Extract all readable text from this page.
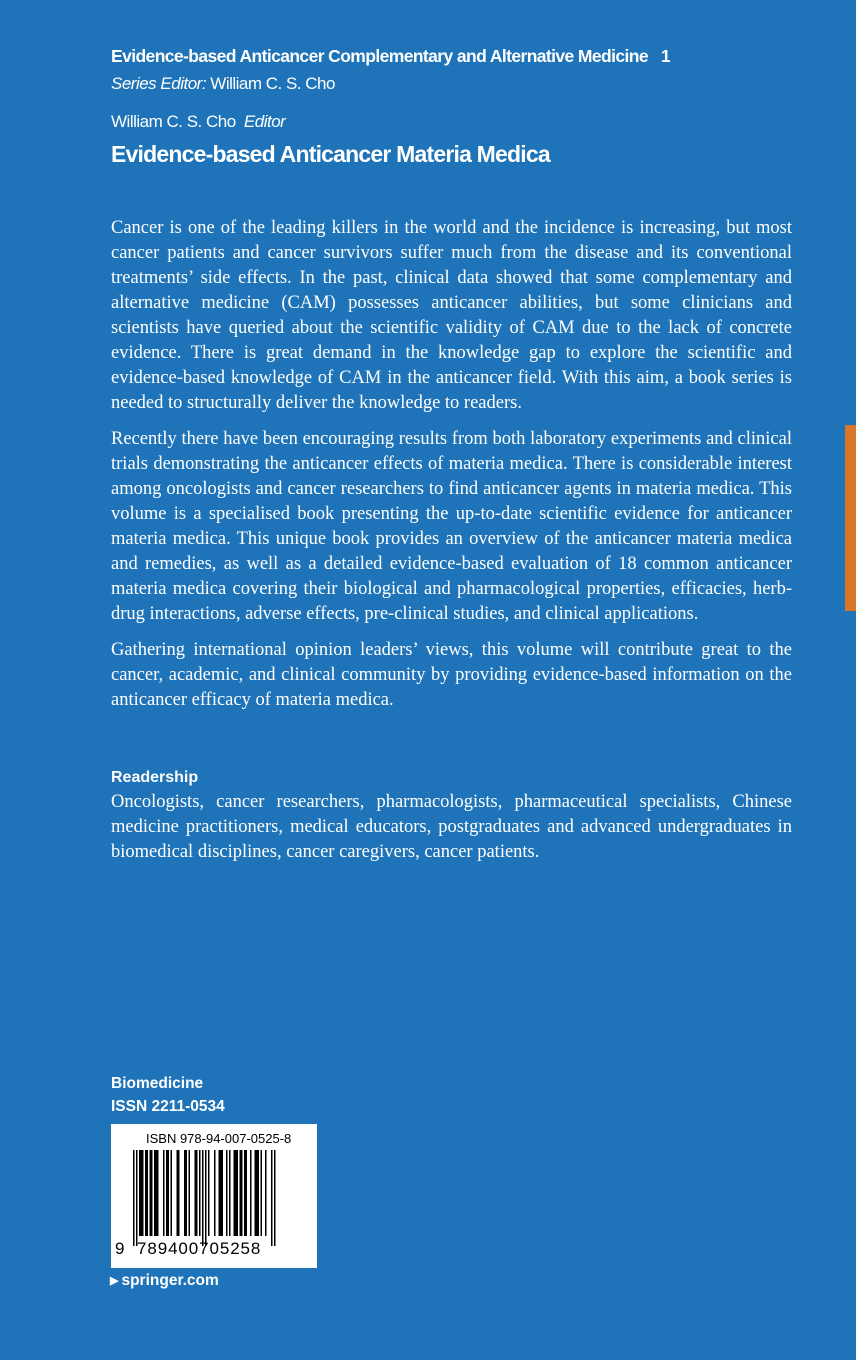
Evidence-based Anticancer Complementary and Alternative Medicine 1
Series Editor: William C. S. Cho
William C. S. Cho Editor
Evidence-based Anticancer Materia Medica

Cancer is one of the leading killers in the world and the incidence is increasing, but most cancer patients and cancer survivors suffer much from the disease and its conventional treatments’ side effects. In the past, clinical data showed that some complementary and alternative medicine (CAM) possesses anticancer abilities, but some clinicians and scientists have queried about the scientific validity of CAM due to the lack of concrete evidence. There is great demand in the knowledge gap to explore the scientific and evidence-based knowledge of CAM in the anticancer field. With this aim, a book series is needed to structurally deliver the knowledge to readers.

Recently there have been encouraging results from both laboratory experiments and clinical trials demonstrating the anticancer effects of materia medica. There is considerable interest among oncologists and cancer researchers to find anticancer agents in materia medica. This volume is a specialised book presenting the up-to-date scientific evidence for anticancer materia medica. This unique book provides an overview of the anticancer materia medica and remedies, as well as a detailed evidence-based evaluation of 18 common anticancer materia medica covering their biological and pharmacological properties, efficacies, herb-drug interactions, adverse effects, pre-clinical studies, and clinical applications.

Gathering international opinion leaders’ views, this volume will contribute great to the cancer, academic, and clinical community by providing evidence-based information on the anticancer efficacy of materia medica.

Readership

Oncologists, cancer researchers, pharmacologists, pharmaceutical specialists, Chinese medicine practitioners, medical educators, postgraduates and advanced undergraduates in biomedical disciplines, cancer caregivers, cancer patients.

Biomedicine
ISSN 2211-0534
ISBN 978-94-007-0525-8
9 789400705258
▶ springer.com
